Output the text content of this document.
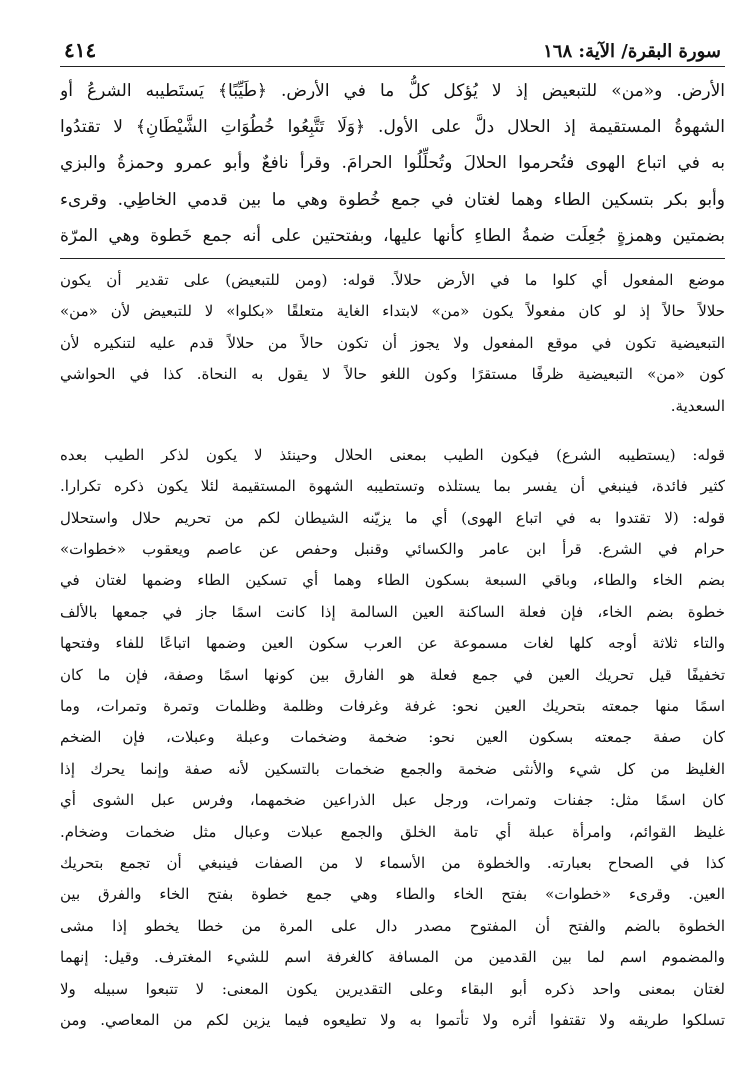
سورة البقرة/ الآية: ١٦٨
٤١٤

الأرض. و«من» للتبعيض إذ لا يُؤكل كلُّ ما في الأرض. ﴿طَيِّبًا﴾ يَستَطيبه الشرعُ أو

الشهوةُ المستقيمة إذ الحلال دلَّ على الأول. ﴿وَلَا تَتَّبِعُوا خُطُوَاتِ الشَّيْطَانِ﴾ لا تقتدُوا

به في اتباع الهوى فتُحرموا الحلالَ وتُحلِّلُوا الحرامَ. وقرأ نافعٌ وأبو عمرو وحمزةُ والبزي

وأبو بكر بتسكين الطاء وهما لغتان في جمع خُطوة وهي ما بين قدمي الخاطِي. وقرىء

بضمتين وهمزةٍ جُعِلَت ضمةُ الطاءِ كأنها عليها، وبفتحتين على أنه جمع خَطوة وهي المرّة

موضع المفعول أي كلوا ما في الأرض حلالاً. قوله: (ومن للتبعيض) على تقدير أن يكون

حلالاً حالاً إذ لو كان مفعولاً يكون «من» لابتداء الغاية متعلقًا «بكلوا» لا للتبعيض لأن «من»

التبعيضية تكون في موقع المفعول ولا يجوز أن تكون حالاً من حلالاً قدم عليه لتنكيره لأن

كون «من» التبعيضية ظرفًا مستقرًا وكون اللغو حالاً لا يقول به النحاة. كذا في الحواشي

السعدية.

قوله: (يستطيبه الشرع) فيكون الطيب بمعنى الحلال وحينئذ لا يكون لذكر الطيب بعده

كثير فائدة، فينبغي أن يفسر بما يستلذه وتستطيبه الشهوة المستقيمة لئلا يكون ذكره تكرارا.

قوله: (لا تقتدوا به في اتباع الهوى) أي ما يزيّنه الشيطان لكم من تحريم حلال واستحلال

حرام في الشرع. قرأ ابن عامر والكسائي وقنبل وحفص عن عاصم ويعقوب «خطوات»

بضم الخاء والطاء، وباقي السبعة بسكون الطاء وهما أي تسكين الطاء وضمها لغتان في

خطوة بضم الخاء، فإن فعلة الساكنة العين السالمة إذا كانت اسمًا جاز في جمعها بالألف

والتاء ثلاثة أوجه كلها لغات مسموعة عن العرب سكون العين وضمها اتباعًا للفاء وفتحها

تخفيفًا قيل تحريك العين في جمع فعلة هو الفارق بين كونها اسمًا وصفة، فإن ما كان

اسمًا منها جمعته بتحريك العين نحو: غرفة وغرفات وظلمة وظلمات وتمرة وتمرات، وما

كان صفة جمعته بسكون العين نحو: ضخمة وضخمات وعبلة وعبلات، فإن الضخم

الغليظ من كل شيء والأنثى ضخمة والجمع ضخمات بالتسكين لأنه صفة وإنما يحرك إذا

كان اسمًا مثل: جفنات وتمرات، ورجل عبل الذراعين ضخمهما، وفرس عبل الشوى أي

غليظ القوائم، وامرأة عبلة أي تامة الخلق والجمع عبلات وعبال مثل ضخمات وضخام.

كذا في الصحاح بعبارته. والخطوة من الأسماء لا من الصفات فينبغي أن تجمع بتحريك

العين. وقرىء «خطوات» بفتح الخاء والطاء وهي جمع خطوة بفتح الخاء والفرق بين

الخطوة بالضم والفتح أن المفتوح مصدر دال على المرة من خطا يخطو إذا مشى

والمضموم اسم لما بين القدمين من المسافة كالغرفة اسم للشيء المغترف. وقيل: إنهما

لغتان بمعنى واحد ذكره أبو البقاء وعلى التقديرين يكون المعنى: لا تتبعوا سبيله ولا

تسلكوا طريقه ولا تقتفوا أثره ولا تأتموا به ولا تطيعوه فيما يزين لكم من المعاصي. ومن
